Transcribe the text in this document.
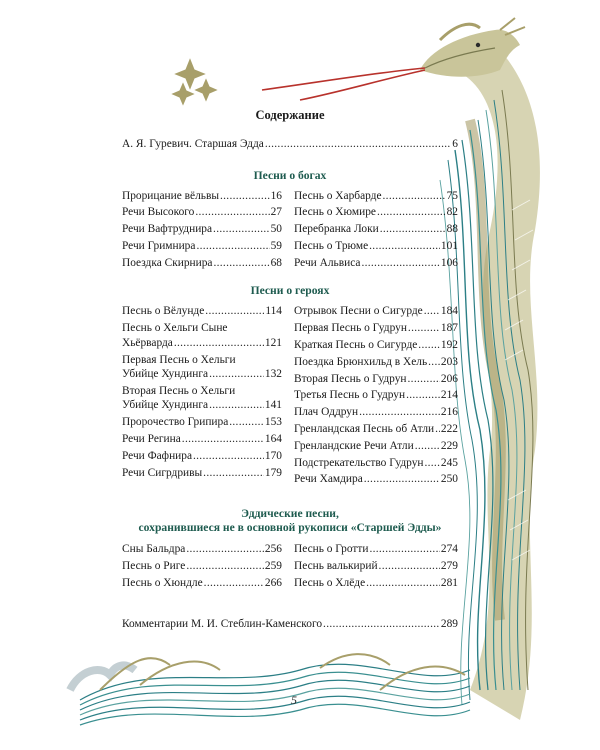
Содержание
А. Я. Гуревич. Старшая Эдда .....	6
Песни о богах
Прорицание вёльвы .....	16
Речи Высокого .....	27
Речи Вафтруднира .....	50
Речи Гримнира .....	59
Поездка Скирнира .....	68
Песнь о Харбарде .....	75
Песнь о Хюмире .....	82
Перебранка Локи .....	88
Песнь о Трюме .....	101
Речи Альвиса .....	106
Песни о героях
Песнь о Вёлунде .....	114
Песнь о Хельги Сыне
Хьёрварда .....	121
Первая Песнь о Хельги
Убийце Хундинга .....	132
Вторая Песнь о Хельги
Убийце Хундинга .....	141
Пророчество Грипира .....	153
Речи Регина .....	164
Речи Фафнира .....	170
Речи Сигрдривы .....	179
Отрывок Песни о Сигурде ..... 184
Первая Песнь о Гудрун .....	187
Краткая Песнь о Сигурде ..... 192
Поездка Брюнхильд в Хель ..... 203
Вторая Песнь о Гудрун .....	206
Третья Песнь о Гудрун .....	214
Плач Оддрун .....	216
Гренландская Песнь об Атли ..... 222
Гренландские Речи Атли ..... 229
Подстрекательство Гудрун ..... 245
Речи Хамдира .....	250
Эддические песни,
сохранившиеся не в основной рукописи «Старшей Эдды»
Сны Бальдра .....	256
Песнь о Риге .....	259
Песнь о Хюндле .....	266
Песнь о Гротти .....	274
Песнь валькирий .....	279
Песнь о Хлёде .....	281
Комментарии М. И. Стеблин-Каменского .....	289
5
